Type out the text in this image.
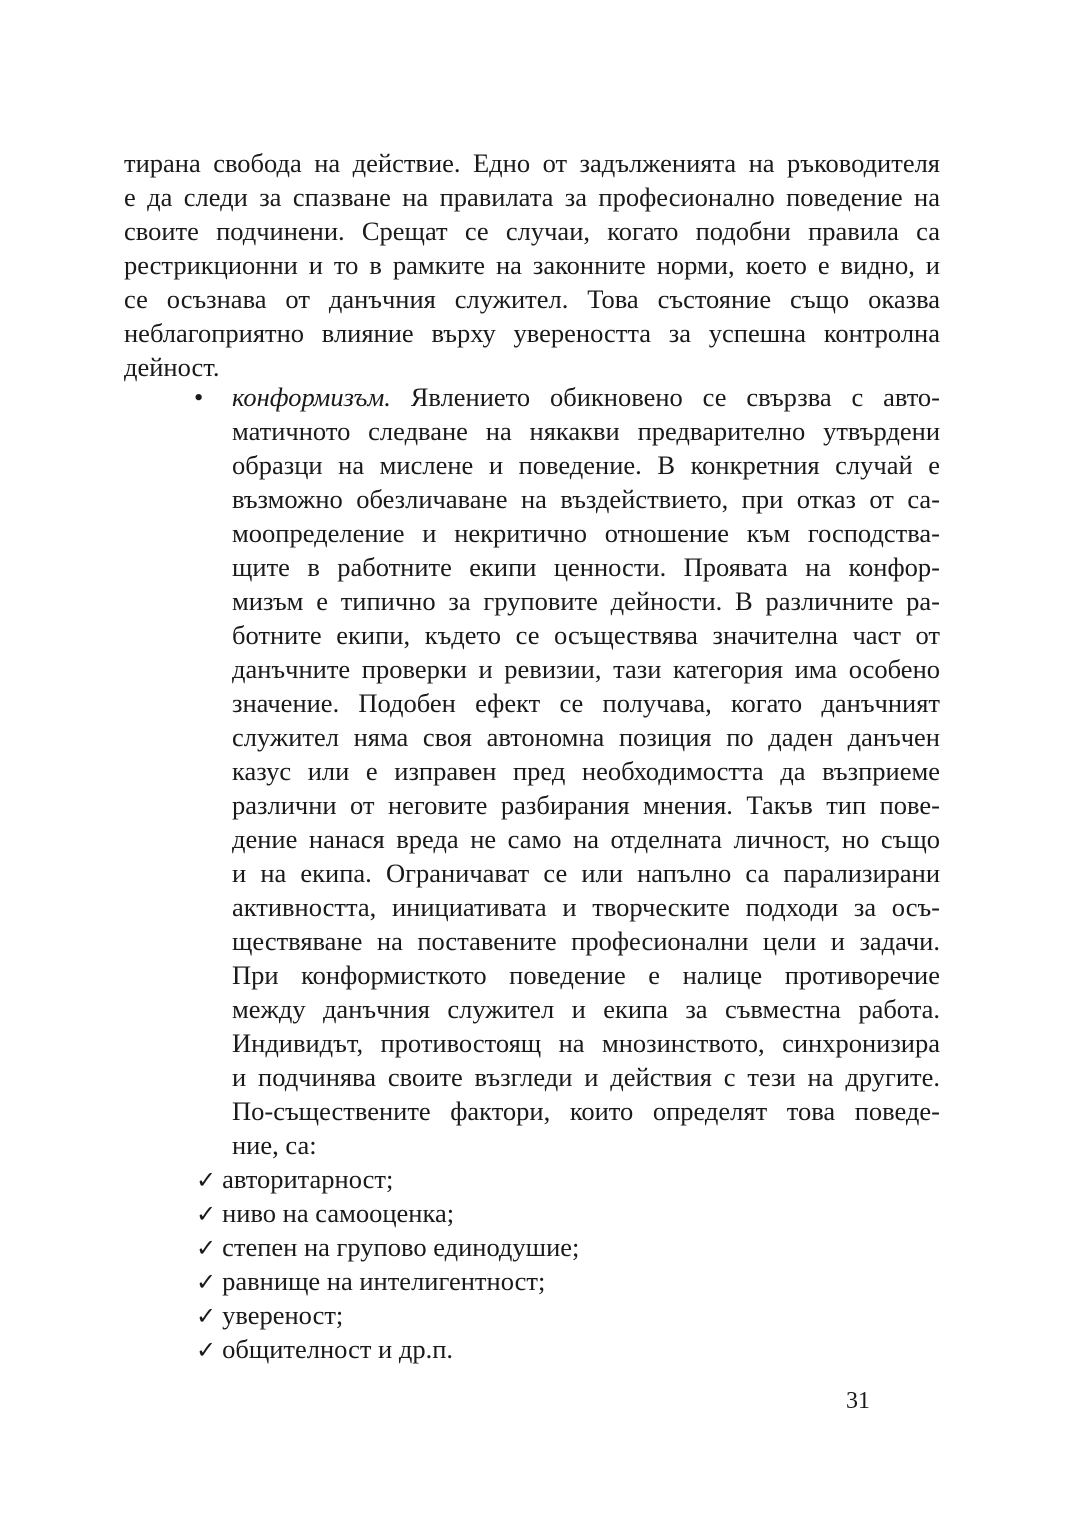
тирана свобода на действие. Едно от задълженията на ръководителя
е да следи за спазване на правилата за професионално поведение на
своите подчинени. Срещат се случаи, когато подобни правила са
рестрикционни и то в рамките на законните норми, което е видно, и
се осъзнава от данъчния служител. Това състояние също оказва
неблагоприятно влияние върху увереността за успешна контролна
дейност.
• конформизъм. Явлението обикновено се свързва с авто-
матичното следване на някакви предварително утвърдени
образци на мислене и поведение. В конкретния случай е
възможно обезличаване на въздействието, при отказ от са-
моопределение и некритично отношение към господства-
щите в работните екипи ценности. Проявата на конфор-
мизъм е типично за груповите дейности. В различните ра-
ботните екипи, където се осъществява значителна част от
данъчните проверки и ревизии, тази категория има особено
значение. Подобен ефект се получава, когато данъчният
служител няма своя автономна позиция по даден данъчен
казус или е изправен пред необходимостта да възприеме
различни от неговите разбирания мнения. Такъв тип пове-
дение нанася вреда не само на отделната личност, но също
и на екипа. Ограничават се или напълно са парализирани
активността, инициативата и творческите подходи за осъ-
ществяване на поставените професионални цели и задачи.
При конформисткото поведение е налице противоречие
между данъчния служител и екипа за съвместна работа.
Индивидът, противостоящ на мнозинството, синхронизира
и подчинява своите възгледи и действия с тези на другите.
По-съществените фактори, които определят това поведе-
ние, са:
✓ авторитарност;
✓ ниво на самооценка;
✓ степен на групово единодушие;
✓ равнище на интелигентност;
✓ увереност;
✓ общителност и др.п.
31
